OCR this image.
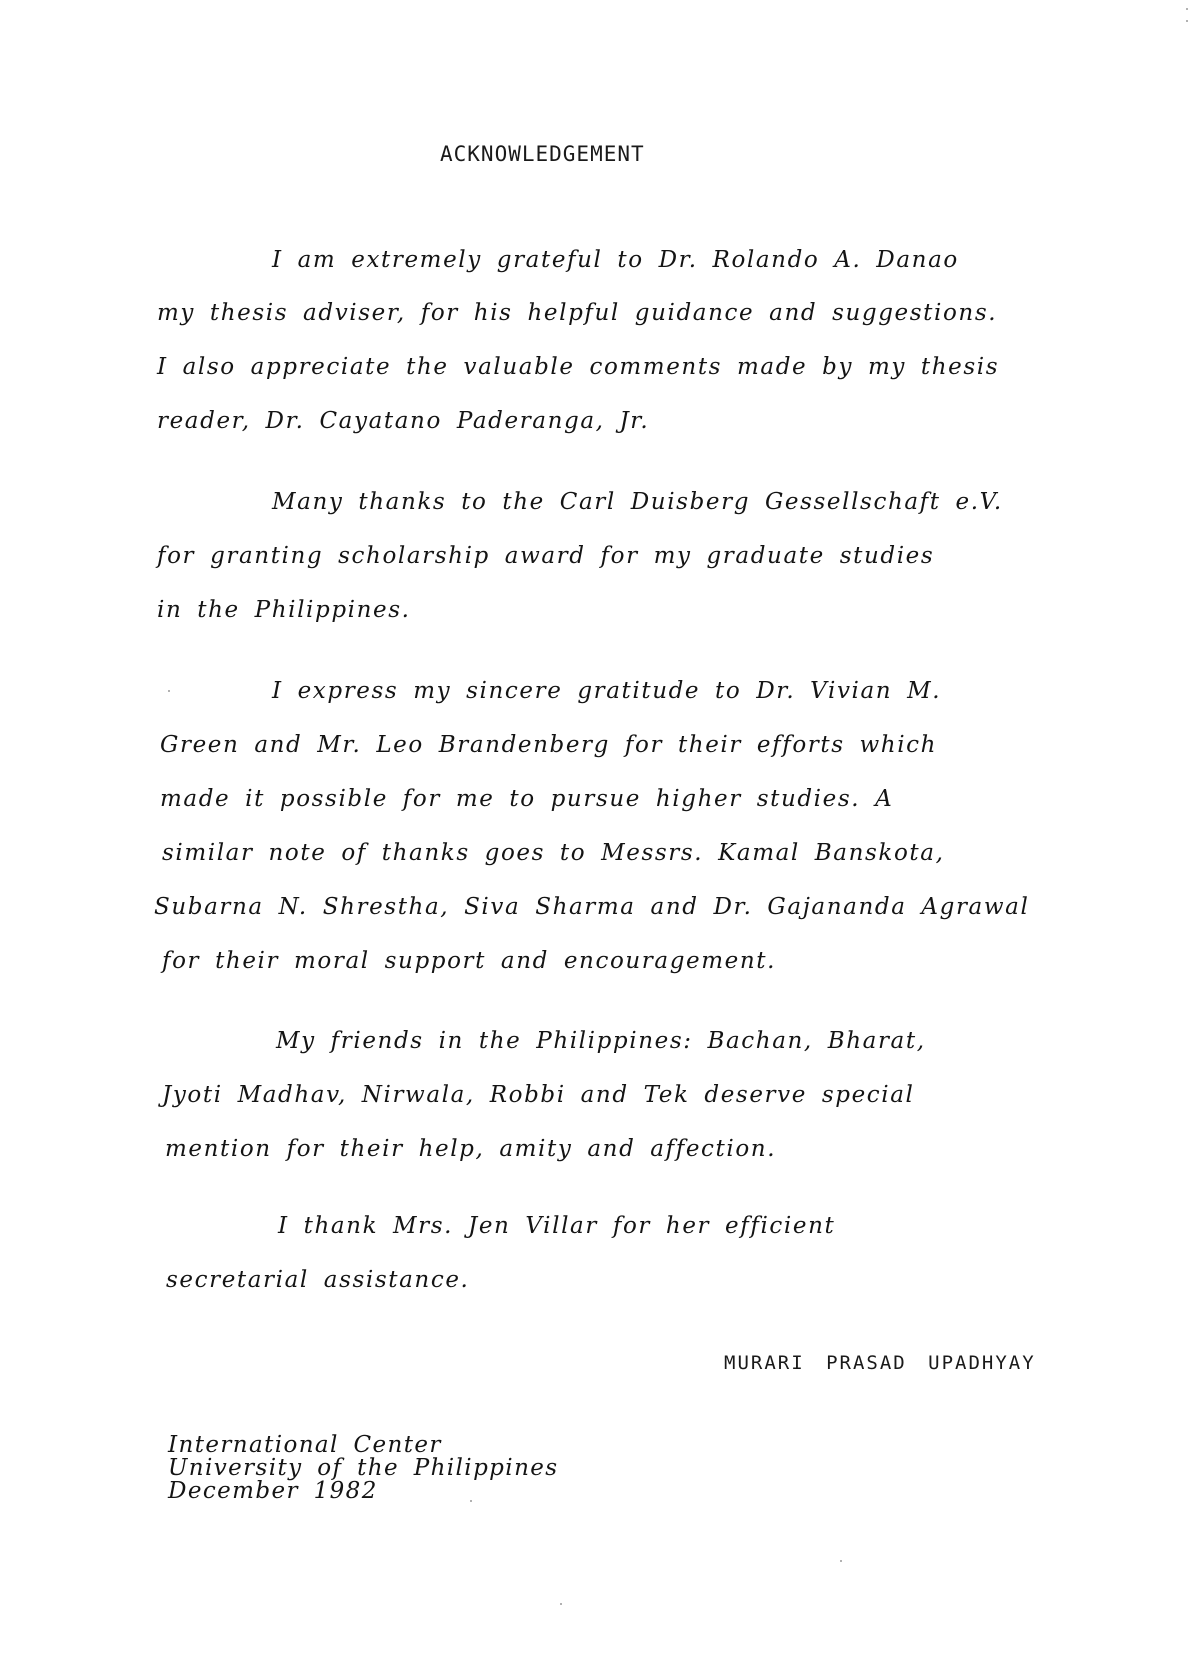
ACKNOWLEDGEMENT
I am extremely grateful to Dr. Rolando A. Danao
my thesis adviser, for his helpful guidance and suggestions.
I also appreciate the valuable comments made by my thesis
reader, Dr. Cayatano Paderanga, Jr.
Many thanks to the Carl Duisberg Gessellschaft e.V.
for granting scholarship award for my graduate studies
in the Philippines.
I express my sincere gratitude to Dr. Vivian M.
Green and Mr. Leo Brandenberg for their efforts which
made it possible for me to pursue higher studies. A
similar note of thanks goes to Messrs. Kamal Banskota,
Subarna N. Shrestha, Siva Sharma and Dr. Gajananda Agrawal
for their moral support and encouragement.
My friends in the Philippines: Bachan, Bharat,
Jyoti Madhav, Nirwala, Robbi and Tek deserve special
mention for their help, amity and affection.
I thank Mrs. Jen Villar for her efficient
secretarial assistance.
MURARI PRASAD UPADHYAY
International Center
University of the Philippines
December 1982
